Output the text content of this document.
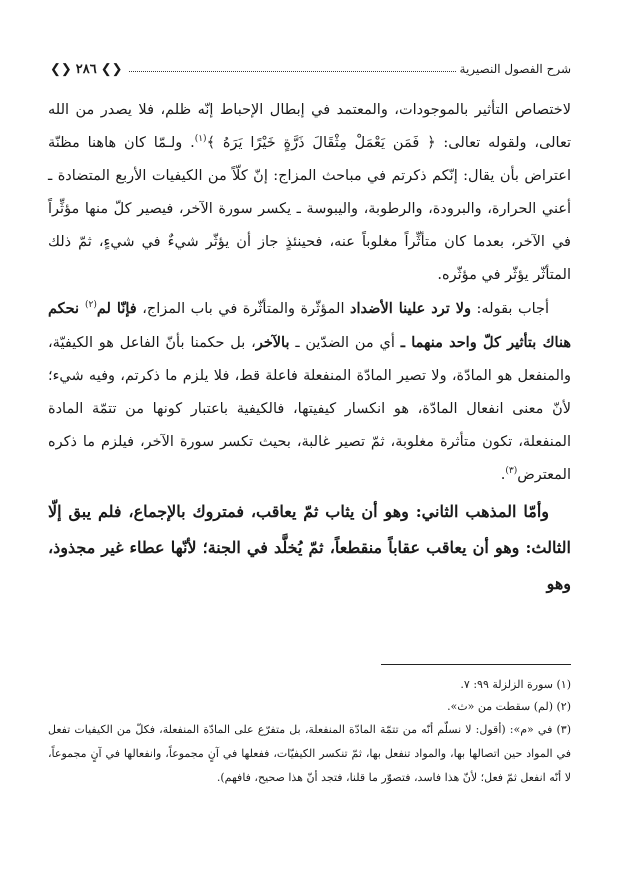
شرح الفصول النصيرية
❮❯
٢٨٦
❮❯

لاختصاص التأثير بالموجودات، والمعتمد في إبطال الإحباط إنّه ظلم، فلا يصدر من الله تعالى، ولقوله تعالى: ﴿ فَمَن يَعْمَلْ مِثْقَالَ ذَرَّةٍ خَيْرًا يَرَهُ ﴾$^{(١)}$. ولـمّا كان هاهنا مظنّة اعتراض بأن يقال: إنّكم ذكرتم في مباحث المزاج: إنّ كلّاً من الكيفيات الأربع المتضادة ـ أعني الحرارة، والبرودة، والرطوبة، واليبوسة ـ يكسر سورة الآخر، فيصير كلّ منها مؤثِّراً في الآخر، بعدما كان متأثِّراً مغلوباً عنه، فحينئذٍ جاز أن يؤثّر شيءٌ في شيءٍ، ثمّ ذلك المتأثّر يؤثّر في مؤثّره.

أجاب بقوله: ولا ترد علينا الأضداد المؤثّرة والمتأثّرة في باب المزاج، فإنّا لم$^{(٢)}$ نحكم هناك بتأثير كلّ واحد منهما ـ أي من الضدّين ـ بالآخر، بل حكمنا بأنّ الفاعل هو الكيفيّة، والمنفعل هو المادّة، ولا تصير المادّة المنفعلة فاعلة قط، فلا يلزم ما ذكرتم، وفيه شيء؛ لأنّ معنى انفعال المادّة، هو انكسار كيفيتها، فالكيفية باعتبار كونها من تتمّة المادة المنفعلة، تكون متأثرة مغلوبة، ثمّ تصير غالبة، بحيث تكسر سورة الآخر، فيلزم ما ذكره المعترض$^{(٣)}$.

وأمّا المذهب الثاني: وهو أن يثاب ثمّ يعاقب، فمتروك بالإجماع، فلم يبق إلّا الثالث: وهو أن يعاقب عقاباً منقطعاً، ثمّ يُخلَّد في الجنة؛ لأنّها عطاء غير مجذوذ، وهو

(١) سورة الزلزلة ٩٩: ٧.

(٢) (لم) سقطت من «ث».

(٣) في «م»: (أقول: لا نسلّم أنّه من تتمّة المادّة المنفعلة، بل متفرّع على المادّة المنفعلة، فكلّ من الكيفيات تفعل في المواد حين اتصالها بها، والمواد تنفعل بها، ثمّ تنكسر الكيفيّات، ففعلها في آنٍ مجموعاً، وانفعالها في آنٍ مجموعاً، لا أنّه انفعل ثمّ فعل؛ لأنّ هذا فاسد، فتصوّر ما قلنا، فتجد أنّ هذا صحيح، فافهم).
